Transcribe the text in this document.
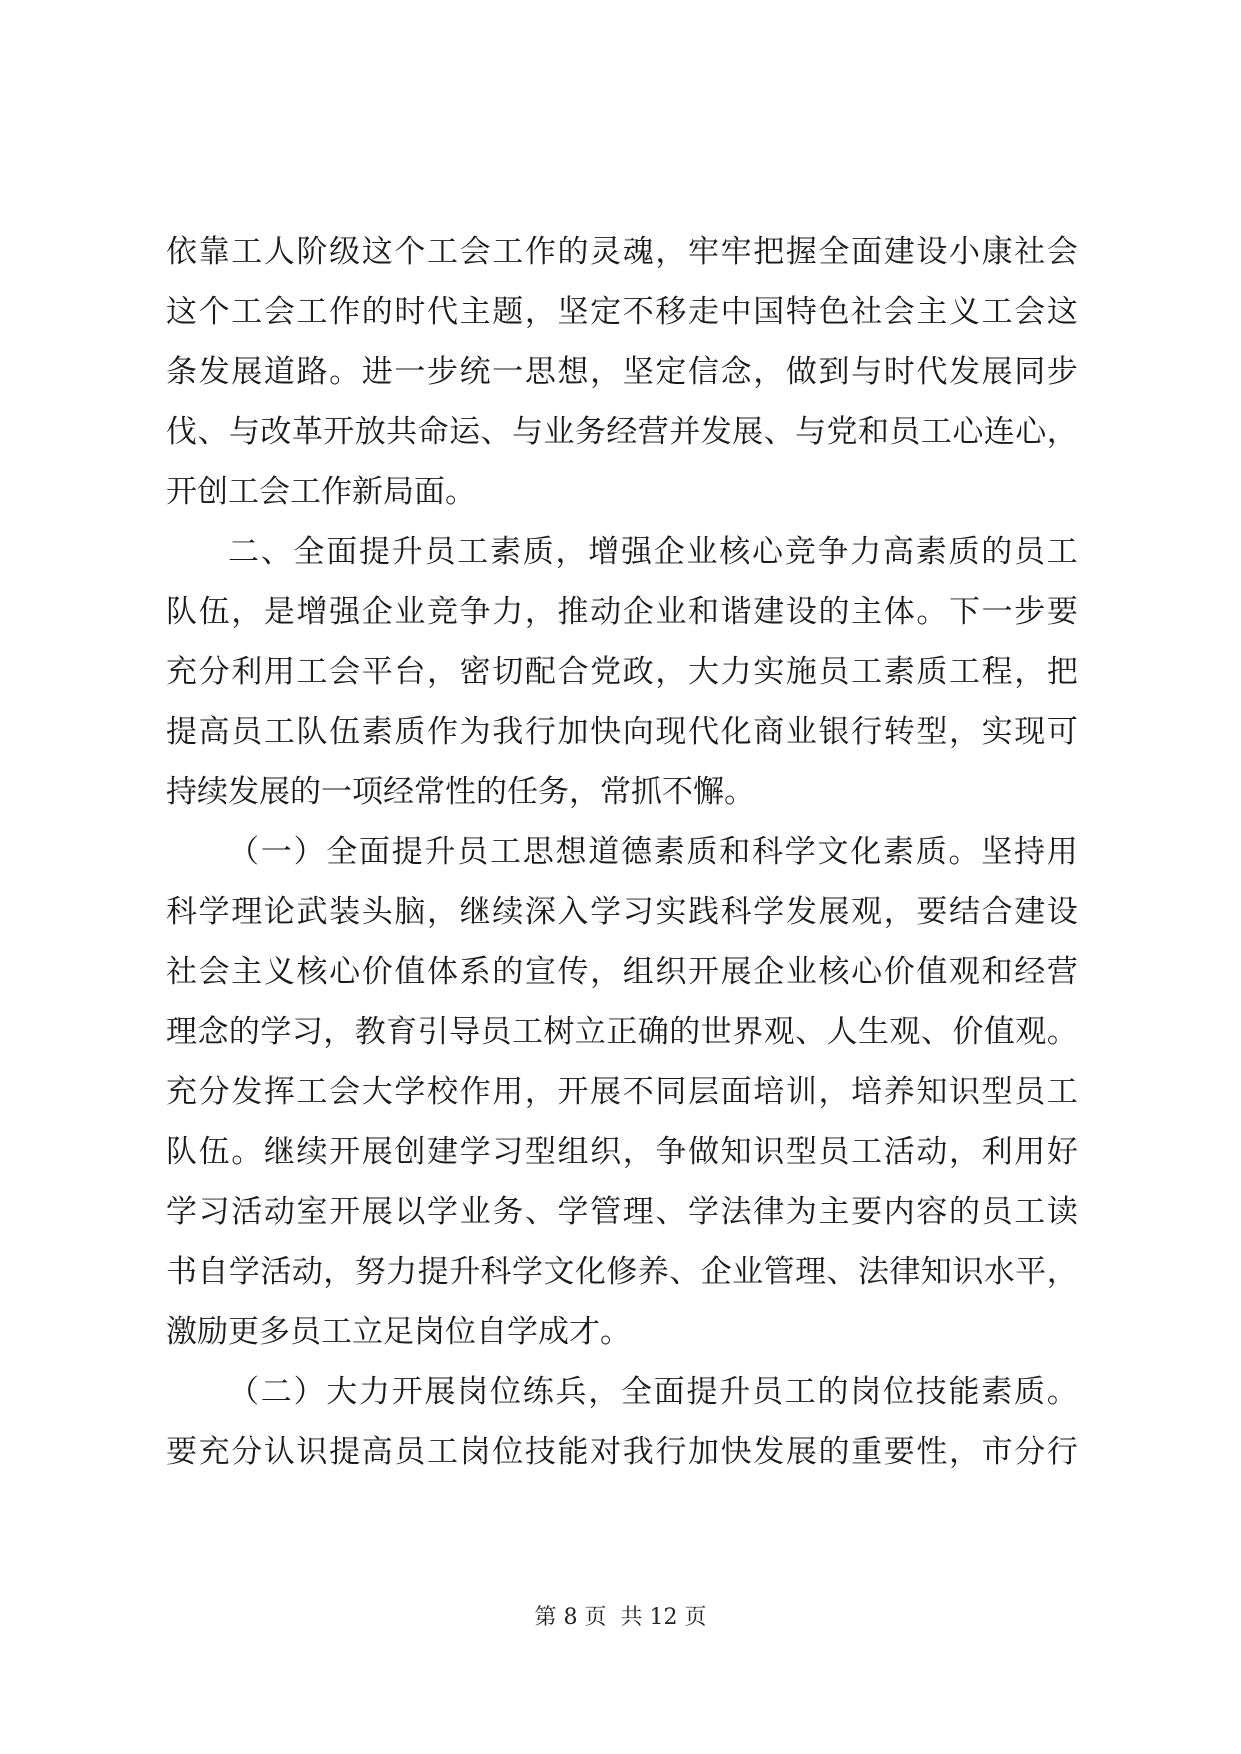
依 靠 工 人 阶 级 这 个 工 会 工 作 的 灵 魂 ， 牢 牢 把 握 全 面 建 设 小 康 社 会
这 个 工 会 工 作 的 时 代 主 题 ， 坚 定 不 移 走 中 国 特 色 社 会 主 义 工 会 这
条 发 展 道 路 。 进 一 步 统 一 思 想 ， 坚 定 信 念 ， 做 到 与 时 代 发 展 同 步
伐 、 与 改 革 开 放 共 命 运 、 与 业 务 经 营 并 发 展 、 与 党 和 员 工 心 连 心 ，
开创工会工作新局面。
二 、 全 面 提 升 员 工 素 质 ， 增 强 企 业 核 心 竞 争 力 高 素 质 的 员 工
队 伍 ， 是 增 强 企 业 竞 争 力 ， 推 动 企 业 和 谐 建 设 的 主 体 。 下 一 步 要
充 分 利 用 工 会 平 台 ， 密 切 配 合 党 政 ， 大 力 实 施 员 工 素 质 工 程 ， 把
提 高 员 工 队 伍 素 质 作 为 我 行 加 快 向 现 代 化 商 业 银 行 转 型 ， 实 现 可
持续发展的一项经常性的任务，常抓不懈。
（ 一 ） 全 面 提 升 员 工 思 想 道 德 素 质 和 科 学 文 化 素 质 。 坚 持 用
科 学 理 论 武 装 头 脑 ， 继 续 深 入 学 习 实 践 科 学 发 展 观 ， 要 结 合 建 设
社 会 主 义 核 心 价 值 体 系 的 宣 传 ， 组 织 开 展 企 业 核 心 价 值 观 和 经 营
理 念 的 学 习 ， 教 育 引 导 员 工 树 立 正 确 的 世 界 观 、 人 生 观 、 价 值 观 。
充 分 发 挥 工 会 大 学 校 作 用 ， 开 展 不 同 层 面 培 训 ， 培 养 知 识 型 员 工
队 伍 。 继 续 开 展 创 建 学 习 型 组 织 ， 争 做 知 识 型 员 工 活 动 ， 利 用 好
学 习 活 动 室 开 展 以 学 业 务 、 学 管 理 、 学 法 律 为 主 要 内 容 的 员 工 读
书 自 学 活 动 ， 努 力 提 升 科 学 文 化 修 养 、 企 业 管 理 、 法 律 知 识 水 平 ，
激励更多员工立足岗位自学成才。
（ 二 ） 大 力 开 展 岗 位 练 兵 ， 全 面 提 升 员 工 的 岗 位 技 能 素 质 。
要 充 分 认 识 提 高 员 工 岗 位 技 能 对 我 行 加 快 发 展 的 重 要 性 ， 市 分 行
第 8 页  共 12 页
